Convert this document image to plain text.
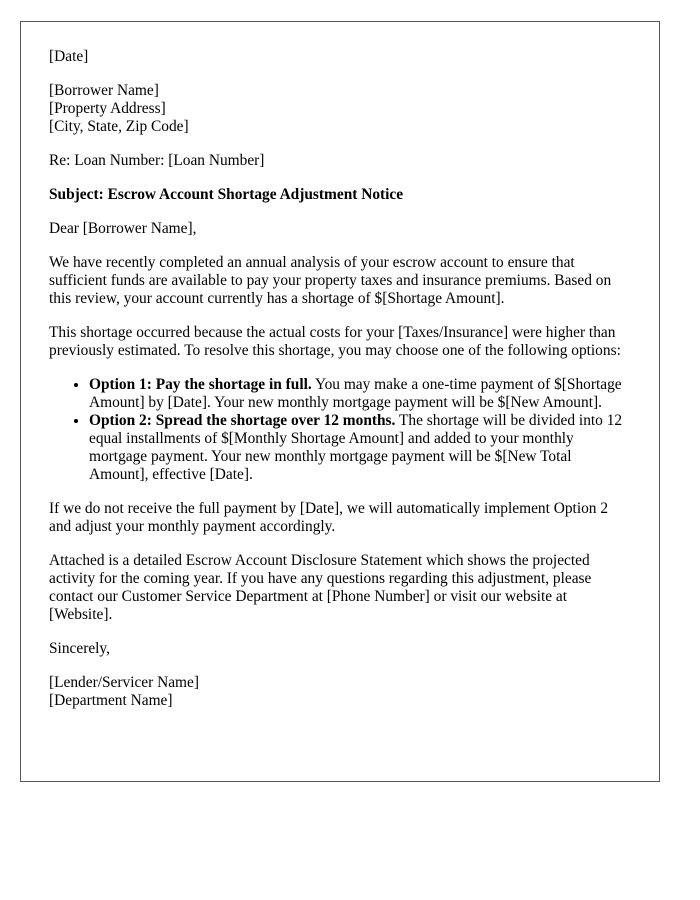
[Date]

[Borrower Name]

[Property Address]

[City, State, Zip Code]

Re: Loan Number: [Loan Number]

Subject: Escrow Account Shortage Adjustment Notice

Dear [Borrower Name],

We have recently completed an annual analysis of your escrow account to ensure that sufficient funds are available to pay your property taxes and insurance premiums. Based on this review, your account currently has a shortage of $[Shortage Amount].

This shortage occurred because the actual costs for your [Taxes/Insurance] were higher than previously estimated. To resolve this shortage, you may choose one of the following options:

• Option 1: Pay the shortage in full. You may make a one-time payment of $[Shortage Amount] by [Date]. Your new monthly mortgage payment will be $[New Amount].
• Option 2: Spread the shortage over 12 months. The shortage will be divided into 12 equal installments of $[Monthly Shortage Amount] and added to your monthly mortgage payment. Your new monthly mortgage payment will be $[New Total Amount], effective [Date].

If we do not receive the full payment by [Date], we will automatically implement Option 2 and adjust your monthly payment accordingly.

Attached is a detailed Escrow Account Disclosure Statement which shows the projected activity for the coming year. If you have any questions regarding this adjustment, please contact our Customer Service Department at [Phone Number] or visit our website at [Website].

Sincerely,

[Lender/Servicer Name]

[Department Name]
